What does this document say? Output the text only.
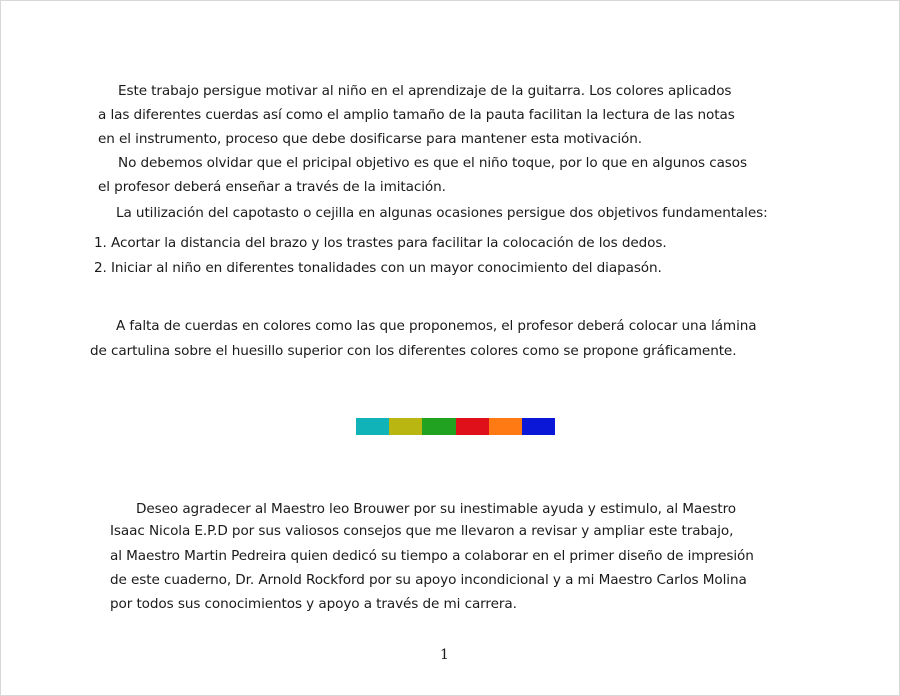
Este trabajo persigue motivar al niño en el aprendizaje de la guitarra. Los colores aplicados
a las diferentes cuerdas así como el amplio tamaño de la pauta facilitan la lectura de las notas
en el instrumento, proceso que debe dosificarse para mantener esta motivación.
No debemos olvidar que el pricipal objetivo es que el niño toque, por lo que en algunos casos
el profesor deberá enseñar a través de la imitación.
La utilización del capotasto o cejilla en algunas ocasiones persigue dos objetivos fundamentales:
1. Acortar la distancia del brazo y los trastes para facilitar la colocación de los dedos.
2. Iniciar al niño en diferentes tonalidades con un mayor conocimiento del diapasón.
A falta de cuerdas en colores como las que proponemos, el profesor deberá colocar una lámina
de cartulina sobre el huesillo superior con los diferentes colores como se propone gráficamente.
Deseo agradecer al Maestro leo Brouwer por su inestimable ayuda y estimulo, al Maestro
Isaac Nicola E.P.D por sus valiosos consejos que me llevaron a revisar y ampliar este trabajo,
al Maestro Martin Pedreira quien dedicó su tiempo a colaborar en el primer diseño de impresión
de este cuaderno, Dr. Arnold Rockford por su apoyo incondicional y a mi Maestro Carlos Molina
por todos sus conocimientos y apoyo a través de mi carrera.
1
